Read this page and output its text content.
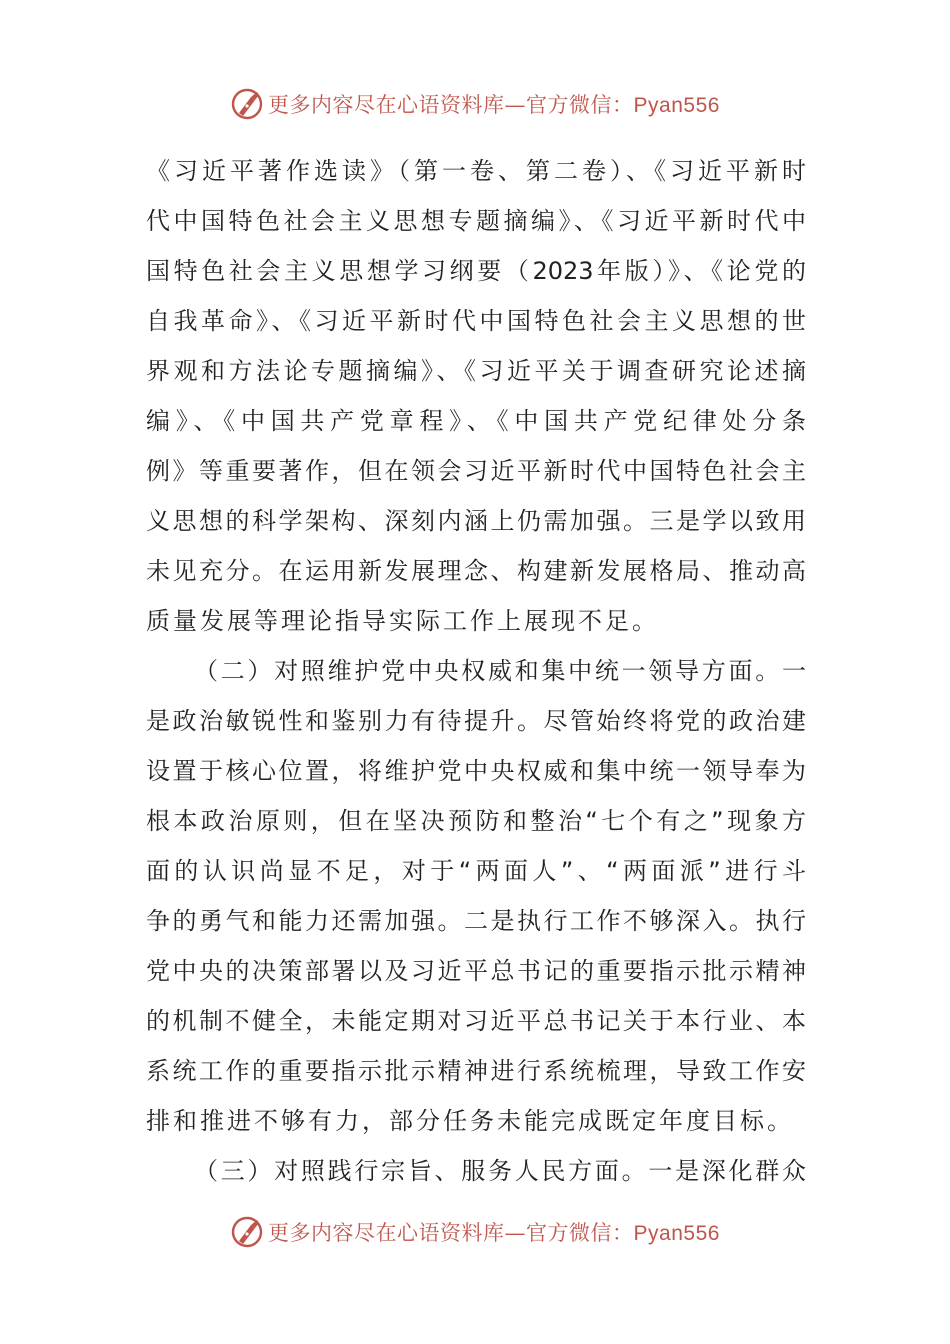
更多内容尽在心语资料库—官方微信：Pyan556
《习近平著作选读》（第一卷、第二卷）、《习近平新时
代中国特色社会主义思想专题摘编》、《习近平新时代中
国特色社会主义思想学习纲要（2023年版）》、《论党的
自我革命》、《习近平新时代中国特色社会主义思想的世
界观和方法论专题摘编》、《习近平关于调查研究论述摘
编》、《中国共产党章程》、《中国共产党纪律处分条
例》等重要著作，但在领会习近平新时代中国特色社会主
义思想的科学架构、深刻内涵上仍需加强。三是学以致用
未见充分。在运用新发展理念、构建新发展格局、推动高
质量发展等理论指导实际工作上展现不足。
（二）对照维护党中央权威和集中统一领导方面。一
是政治敏锐性和鉴别力有待提升。尽管始终将党的政治建
设置于核心位置，将维护党中央权威和集中统一领导奉为
根本政治原则，但在坚决预防和整治“七个有之”现象方
面的认识尚显不足，对于“两面人”、“两面派”进行斗
争的勇气和能力还需加强。二是执行工作不够深入。执行
党中央的决策部署以及习近平总书记的重要指示批示精神
的机制不健全，未能定期对习近平总书记关于本行业、本
系统工作的重要指示批示精神进行系统梳理，导致工作安
排和推进不够有力，部分任务未能完成既定年度目标。
（三）对照践行宗旨、服务人民方面。一是深化群众
更多内容尽在心语资料库—官方微信：Pyan556
